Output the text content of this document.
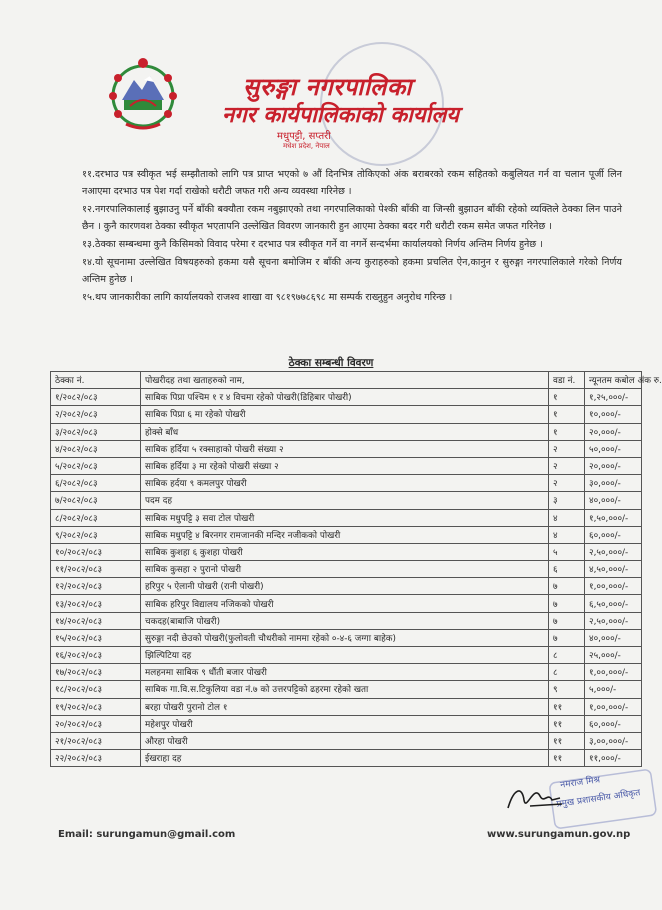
सुरुङ्गा नगरपालिका
नगर कार्यपालिकाको कार्यालय
मधुपट्टी, सप्तरी
मधेश प्रदेश, नेपाल

११.दरभाउ पत्र स्वीकृत भई सम्झौताको लागि पत्र प्राप्त भएको ७ औं दिनभित्र तोकिएको अंक बराबरको रकम सहितको कबुलियत गर्न वा चलान पूर्जी लिन नआएमा दरभाउ पत्र पेश गर्दा राखेको धरौटी जफत गरी अन्य व्यवस्था गरिनेछ ।

१२.नगरपालिकालाई बुझाउनु पर्ने बाँकी बक्यौता रकम नबुझाएको तथा नगरपालिकाको पेश्की बाँकी वा जिन्सी बुझाउन बाँकी रहेको व्यक्तिले ठेक्का लिन पाउने छैन । कुनै कारणवश ठेक्का स्वीकृत भएतापनि उल्लेखित विवरण जानकारी हुन आएमा ठेक्का बदर गरी धरौटी रकम समेत जफत गरिनेछ ।

१३.ठेक्का सम्बन्धमा कुनै किसिमको विवाद परेमा र दरभाउ पत्र स्वीकृत गर्ने वा नगर्ने सन्दर्भमा कार्यालयको निर्णय अन्तिम निर्णय हुनेछ ।

१४.यो सूचनामा उल्लेखित विषयहरुको हकमा यसै सूचना बमोजिम र बाँकी अन्य कुराहरुको हकमा प्रचलित ऐन,कानुन र सुरुङ्गा नगरपालिकाले गरेको निर्णय अन्तिम हुनेछ ।

१५.थप जानकारीका लागि कार्यालयको राजश्व शाखा वा ९८१९७७८६९८ मा सम्पर्क राख्नुहुन अनुरोध गरिन्छ ।

ठेक्का सम्बन्धी विवरण
ठेक्का नं.	पोखरीदह तथा खताहरुको नाम,	वडा नं.	न्यूनतम कबोल अंक रु.
१/२०८२/०८३	साबिक पिप्रा पश्चिम १ र ४ विचमा रहेको पोखरी(डिहिबार पोखरी)	१	१,२५,०००/-
२/२०८२/०८३	साबिक पिप्रा ६ मा रहेको पोखरी	१	१०,०००/-
३/२०८२/०८३	होक्से बाँध	१	२०,०००/-
४/२०८२/०८३	साबिक हर्दिया ५ रक्साहाको पोखरी संख्या २	२	५०,०००/-
५/२०८२/०८३	साबिक हर्दिया ३ मा रहेको पोखरी संख्या २	२	२०,०००/-
६/२०८२/०८३	साबिक हर्दया ९ कमलपुर पोखरी	२	३०,०००/-
७/२०८२/०८३	पदम दह	३	४०,०००/-
८/२०८२/०८३	साबिक मधुपट्टि ३ सवा टोल पोखरी	४	१,५०,०००/-
९/२०८२/०८३	साबिक मधुपट्टि ४ बिरनगर रामजानकी मन्दिर नजीकको पोखरी	४	६०,०००/-
१०/२०८२/०८३	साबिक कुशहा ६ कुशहा पोखरी	५	२,५०,०००/-
११/२०८२/०८३	साबिक कुसहा २ पुरानो पोखरी	६	४,५०,०००/-
१२/२०८२/०८३	हरिपुर ५ ऐलानी पोखरी (रानी पोखरी)	७	१,००,०००/-
१३/२०८२/०८३	साबिक हरिपुर विद्यालय नजिकको पोखरी	७	६,५०,०००/-
१४/२०८२/०८३	चकदह(बाबाजि पोखरी)	७	२,५०,०००/-
१५/२०८२/०८३	सुरुङ्गा नदी छेउको पोखरी(फुलोवती चौधरीको नाममा रहेको ०-४-६ जग्गा बाहेक)	७	४०,०००/-
१६/२०८२/०८३	झिल्पिटिया दह	८	२५,०००/-
१७/२०८२/०८३	मलहनमा साबिक ९ धौंती बजार पोखरी	८	१,००,०००/-
१८/२०८२/०८३	साबिक गा.वि.स.टिकुलिया वडा नं.७ को उत्तरपट्टिको ढहरमा रहेको खता	९	५,०००/-
१९/२०८२/०८३	बरहा पोखरी पुरानो टोल १	११	१,००,०००/-
२०/२०८२/०८३	महेशपुर पोखरी	११	६०,०००/-
२१/२०८२/०८३	औरहा पोखरी	११	३,००,०००/-
२२/२०८२/०८३	ईखराहा दह	११	११,०००/-
नमराज मिश्र
प्रमुख प्रशासकीय अधिकृत
Email: surungamun@gmail.com	www.surungamun.gov.np
